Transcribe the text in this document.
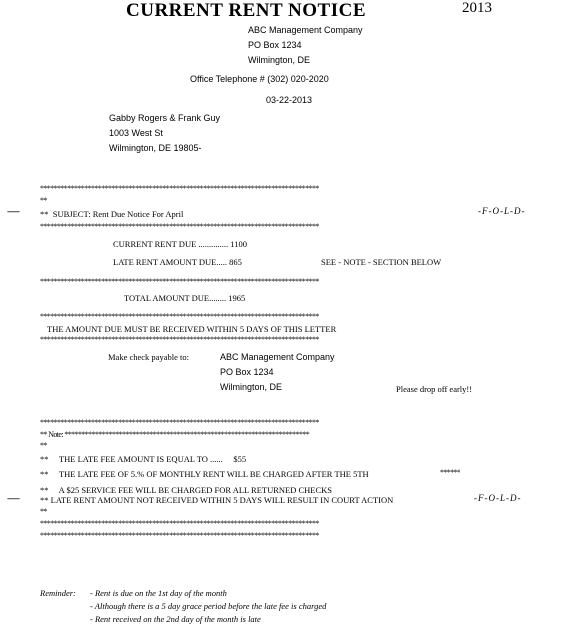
CURRENT RENT NOTICE	2013
ABC Management Company
PO Box 1234
Wilmington, DE
Office Telephone # (302) 020-2020
03-22-2013
Gabby Rogers & Frank Guy
1003 West St
Wilmington, DE 19805-
**********************************************************************************
**
------ **  SUBJECT: Rent Due Notice For April	-F-O-L-D-
**********************************************************************************
CURRENT RENT DUE .............. 1100
LATE RENT AMOUNT DUE..... 865	SEE - NOTE - SECTION BELOW
**********************************************************************************
TOTAL AMOUNT DUE........ 1965
**********************************************************************************
THE AMOUNT DUE MUST BE RECEIVED WITHIN 5 DAYS OF THIS LETTER
**********************************************************************************
Make check payable to:	ABC Management Company
PO Box 1234
Wilmington, DE	Please drop off early!!
**********************************************************************************
** Note: ************************************************************************
**
**     THE LATE FEE AMOUNT IS EQUAL TO ......     $55
**     THE LATE FEE OF 5.% OF MONTHLY RENT WILL BE CHARGED AFTER THE 5TH	******
**     A $25 SERVICE FEE WILL BE CHARGED FOR ALL RETURNED CHECKS
------ ** LATE RENT AMOUNT NOT RECEIVED WITHIN 5 DAYS WILL RESULT IN COURT ACTION	-F-O-L-D-
**
**********************************************************************************
**********************************************************************************
Reminder: - Rent is due on the 1st day of the month
- Although there is a 5 day grace period before the late fee is charged
- Rent received on the 2nd day of the month is late
